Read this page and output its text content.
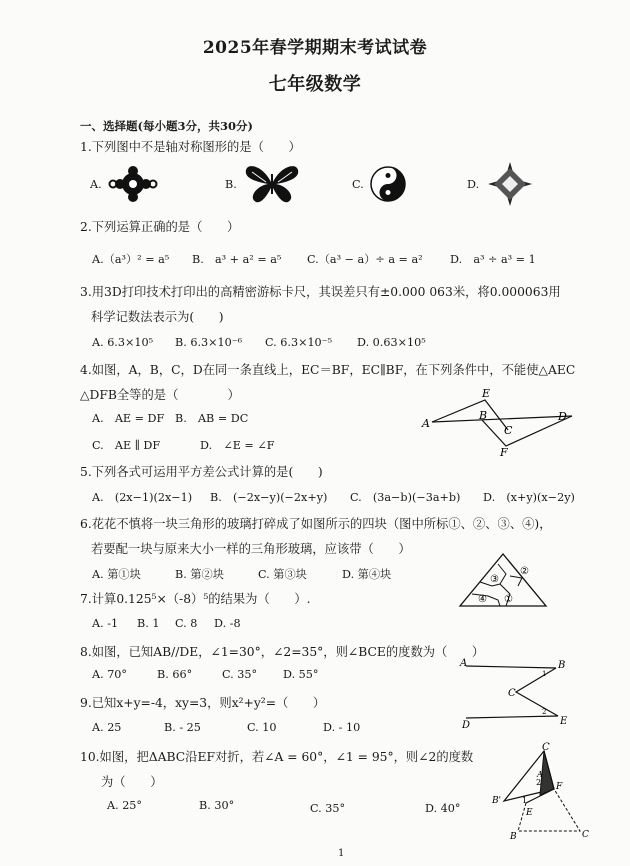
2025年春学期期末考试试卷
七年级数学
一、选择题(每小题3分，共30分)
1.下列图中不是轴对称图形的是（　　）
A.	B.	C.	D.
2.下列运算正确的是（　　）
A.（a³）² = a⁵ B.　a³ + a² = a⁵ C.（a³ − a）÷ a = a² D.　a³ ÷ a³ = 1
3.用3D打印技术打印出的高精密游标卡尺，其误差只有±0.000 063米，将0.000063用
科学记数法表示为(　　)
A. 6.3×10⁵ B. 6.3×10⁻⁶ C. 6.3×10⁻⁵ D. 0.63×10⁵
4.如图，A，B，C，D在同一条直线上，EC＝BF，EC∥BF，在下列条件中，不能使△AEC
△DFB全等的是（　　　　）
A.　AE = DF B.　AB = DC
C.　AE ∥ DF	D.　∠E = ∠F
A
B
C
D
E
F
5.下列各式可运用平方差公式计算的是(　　)
A.　(2x−1)(2x−1) B.　(−2x−y)(−2x+y) C.　(3a−b)(−3a+b) D.　(x+y)(x−2y)
6.花花不慎将一块三角形的玻璃打碎成了如图所示的四块（图中所标①、②、③、④)，
若要配一块与原来大小一样的三角形玻璃，应该带（　　）
A. 第①块	B. 第②块	C. 第③块	D. 第④块	②
③
④ ①
7.计算0.125⁵×（-8）⁵的结果为（　　）.
A. -1 B. 1 C. 8 D. -8
8.如图，已知AB//DE，∠1=30°，∠2=35°，则∠BCE的度数为（　　）
A. 70°	B. 66°	C. 35° D. 55°
A	B
C
D	E
1
2
9.已知x+y=-4，xy=3，则x²+y²=（　　）
A. 25	B. - 25	C. 10	D. - 10
10.如图，把ΔABC沿EF对折，若∠A = 60°，∠1 = 95°，则∠2的度数
为（　　）
A. 25°	B. 30°	C. 35°	D. 40°
C
B'
B	C
F
E
A
1
2
1
